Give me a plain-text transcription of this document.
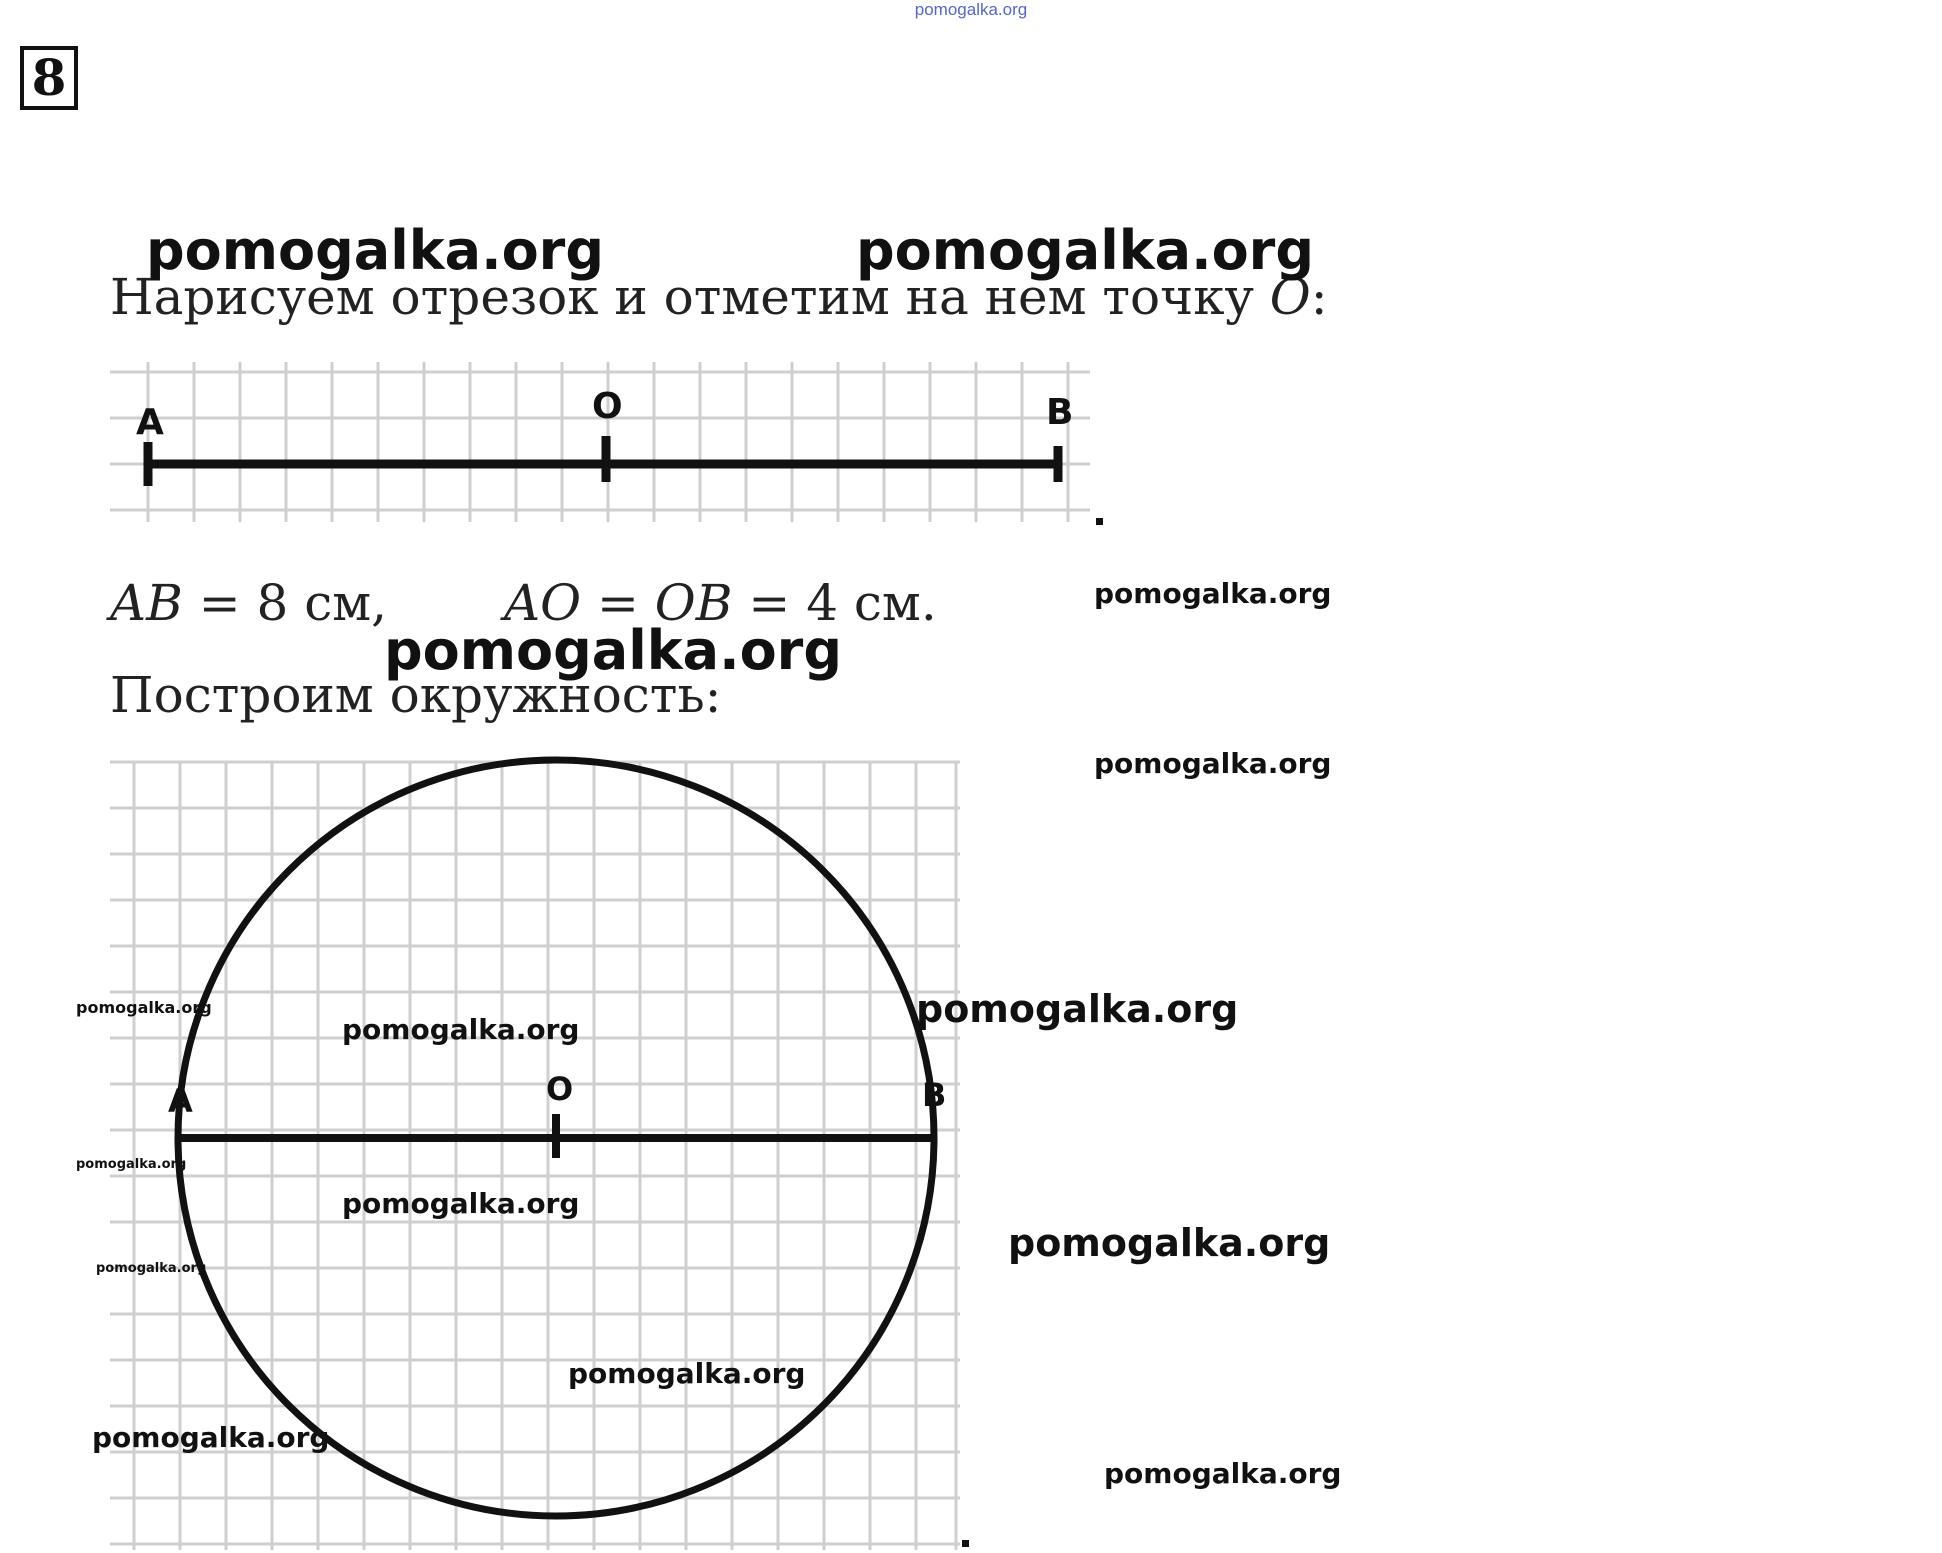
pomogalka.org
8
Нарисуем отрезок и отметим на нем точку O:
A	O	B
A	O	B
AB = 8 см, AO = OB = 4 см.
Построим окружность:
pomogalka.org	pomogalka.org
pomogalka.org
pomogalka.org
pomogalka.org
pomogalka.org
pomogalka.org
pomogalka.org
pomogalka.org
pomogalka.org
pomogalka.org
pomogalka.org
pomogalka.org
pomogalka.org
pomogalka.org
